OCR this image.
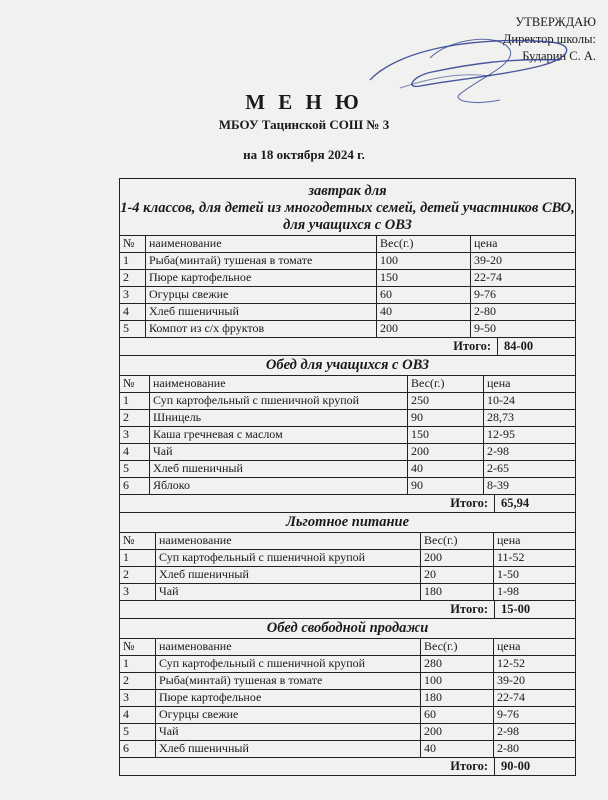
УТВЕРЖДАЮ
Директор школы:
Бударин С. А.
М Е Н Ю
МБОУ Тацинской СОШ № 3
на 18 октября 2024 г.
завтрак для
1-4 классов, для детей из многодетных семей, детей участников СВО, для учащихся с ОВЗ
№	наименование	Вес(г.)	цена
1	Рыба(минтай) тушеная в томате	100	39-20
2	Пюре картофельное	150	22-74
3	Огурцы свежие	60	9-76
4	Хлеб пшеничный	40	2-80
5	Компот из с/х фруктов	200	9-50
Итого:	84-00
Обед для учащихся с ОВЗ
№	наименование	Вес(г.)	цена
1	Суп картофельный с пшеничной крупой	250	10-24
2	Шницель	90	28,73
3	Каша гречневая с маслом	150	12-95
4	Чай	200	2-98
5	Хлеб пшеничный	40	2-65
6	Яблоко	90	8-39
Итого:	65,94
Льготное питание
№	наименование	Вес(г.)	цена
1	Суп картофельный с пшеничной крупой	200	11-52
2	Хлеб пшеничный	20	1-50
3	Чай	180	1-98
Итого:	15-00
Обед свободной продажи
№	наименование	Вес(г.)	цена
1	Суп картофельный с пшеничной крупой	280	12-52
2	Рыба(минтай) тушеная в томате	100	39-20
3	Пюре картофельное	180	22-74
4	Огурцы свежие	60	9-76
5	Чай	200	2-98
6	Хлеб пшеничный	40	2-80
Итого:	90-00
